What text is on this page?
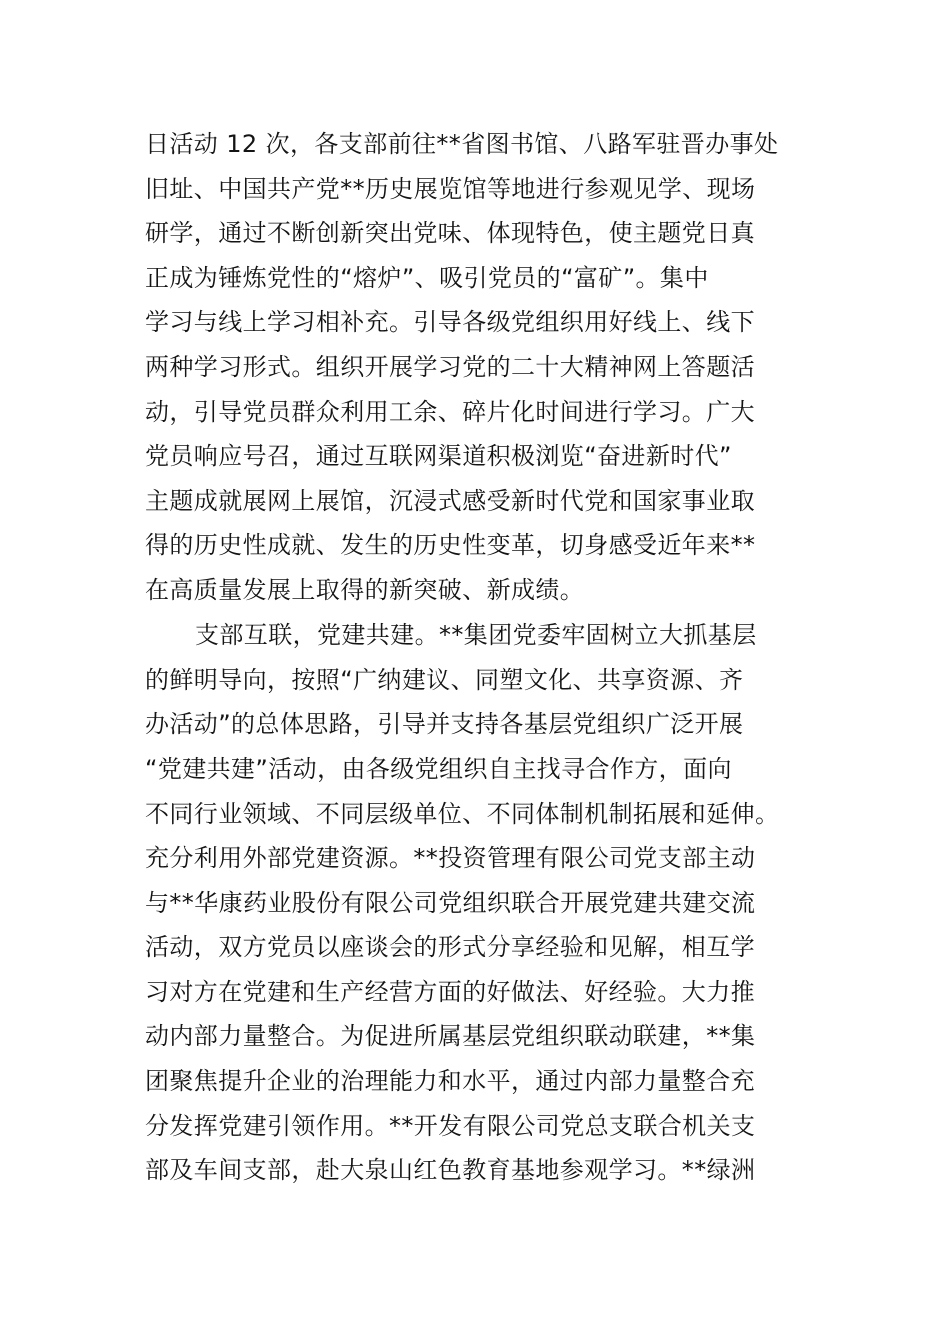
日活动 12 次，各支部前往**省图书馆、八路军驻晋办事处
旧址、中国共产党**历史展览馆等地进行参观见学、现场
研学，通过不断创新突出党味、体现特色，使主题党日真
正成为锤炼党性的“熔炉”、吸引党员的“富矿”。集中
学习与线上学习相补充。引导各级党组织用好线上、线下
两种学习形式。组织开展学习党的二十大精神网上答题活
动，引导党员群众利用工余、碎片化时间进行学习。广大
党员响应号召，通过互联网渠道积极浏览“奋进新时代”
主题成就展网上展馆，沉浸式感受新时代党和国家事业取
得的历史性成就、发生的历史性变革，切身感受近年来**
在高质量发展上取得的新突破、新成绩。
支部互联，党建共建。**集团党委牢固树立大抓基层
的鲜明导向，按照“广纳建议、同塑文化、共享资源、齐
办活动”的总体思路，引导并支持各基层党组织广泛开展
“党建共建”活动，由各级党组织自主找寻合作方，面向
不同行业领域、不同层级单位、不同体制机制拓展和延伸。
充分利用外部党建资源。**投资管理有限公司党支部主动
与**华康药业股份有限公司党组织联合开展党建共建交流
活动，双方党员以座谈会的形式分享经验和见解，相互学
习对方在党建和生产经营方面的好做法、好经验。大力推
动内部力量整合。为促进所属基层党组织联动联建，**集
团聚焦提升企业的治理能力和水平，通过内部力量整合充
分发挥党建引领作用。**开发有限公司党总支联合机关支
部及车间支部，赴大泉山红色教育基地参观学习。**绿洲
